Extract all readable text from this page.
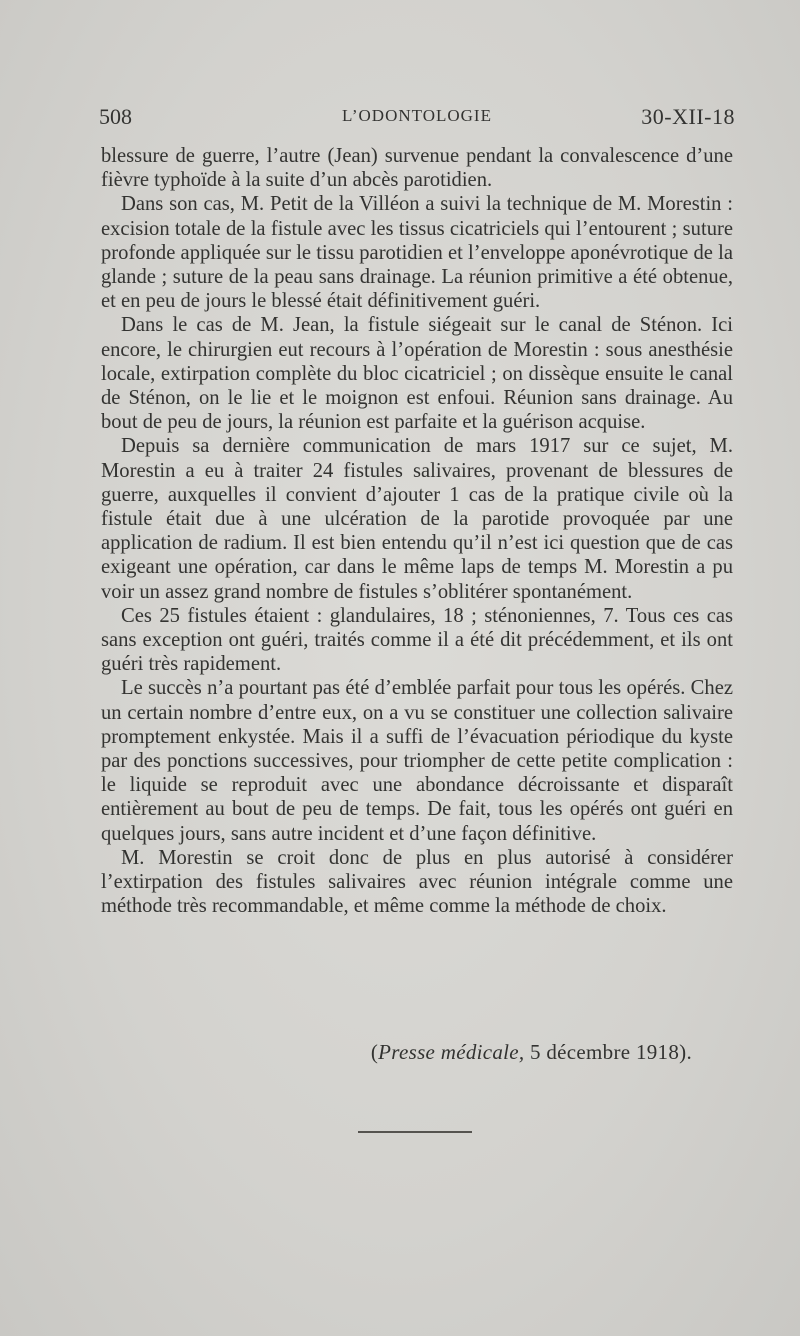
508	L’ODONTOLOGIE	30-XII-18

blessure de guerre, l’autre (Jean) survenue pendant la convalescence d’une fièvre typhoïde à la suite d’un abcès parotidien.

Dans son cas, M. Petit de la Villéon a suivi la technique de M. Morestin : excision totale de la fistule avec les tissus cicatriciels qui l’entourent ; suture profonde appliquée sur le tissu parotidien et l’enveloppe aponévrotique de la glande ; suture de la peau sans drainage. La réunion primitive a été obtenue, et en peu de jours le blessé était définitivement guéri.

Dans le cas de M. Jean, la fistule siégeait sur le canal de Sténon. Ici encore, le chirurgien eut recours à l’opération de Morestin : sous anesthésie locale, extirpation complète du bloc cicatriciel ; on dissèque ensuite le canal de Sténon, on le lie et le moignon est enfoui. Réunion sans drainage. Au bout de peu de jours, la réunion est parfaite et la guérison acquise.

Depuis sa dernière communication de mars 1917 sur ce sujet, M. Morestin a eu à traiter 24 fistules salivaires, provenant de blessures de guerre, auxquelles il convient d’ajouter 1 cas de la pratique civile où la fistule était due à une ulcération de la parotide provoquée par une application de radium. Il est bien entendu qu’il n’est ici question que de cas exigeant une opération, car dans le même laps de temps M. Morestin a pu voir un assez grand nombre de fistules s’oblitérer spontanément.

Ces 25 fistules étaient : glandulaires, 18 ; sténoniennes, 7. Tous ces cas sans exception ont guéri, traités comme il a été dit précédemment, et ils ont guéri très rapidement.

Le succès n’a pourtant pas été d’emblée parfait pour tous les opérés. Chez un certain nombre d’entre eux, on a vu se constituer une collection salivaire promptement enkystée. Mais il a suffi de l’évacuation périodique du kyste par des ponctions successives, pour triompher de cette petite complication : le liquide se reproduit avec une abondance décroissante et disparaît entièrement au bout de peu de temps. De fait, tous les opérés ont guéri en quelques jours, sans autre incident et d’une façon définitive.

M. Morestin se croit donc de plus en plus autorisé à considérer l’extirpation des fistules salivaires avec réunion intégrale comme une méthode très recommandable, et même comme la méthode de choix.

(Presse médicale, 5 décembre 1918).
